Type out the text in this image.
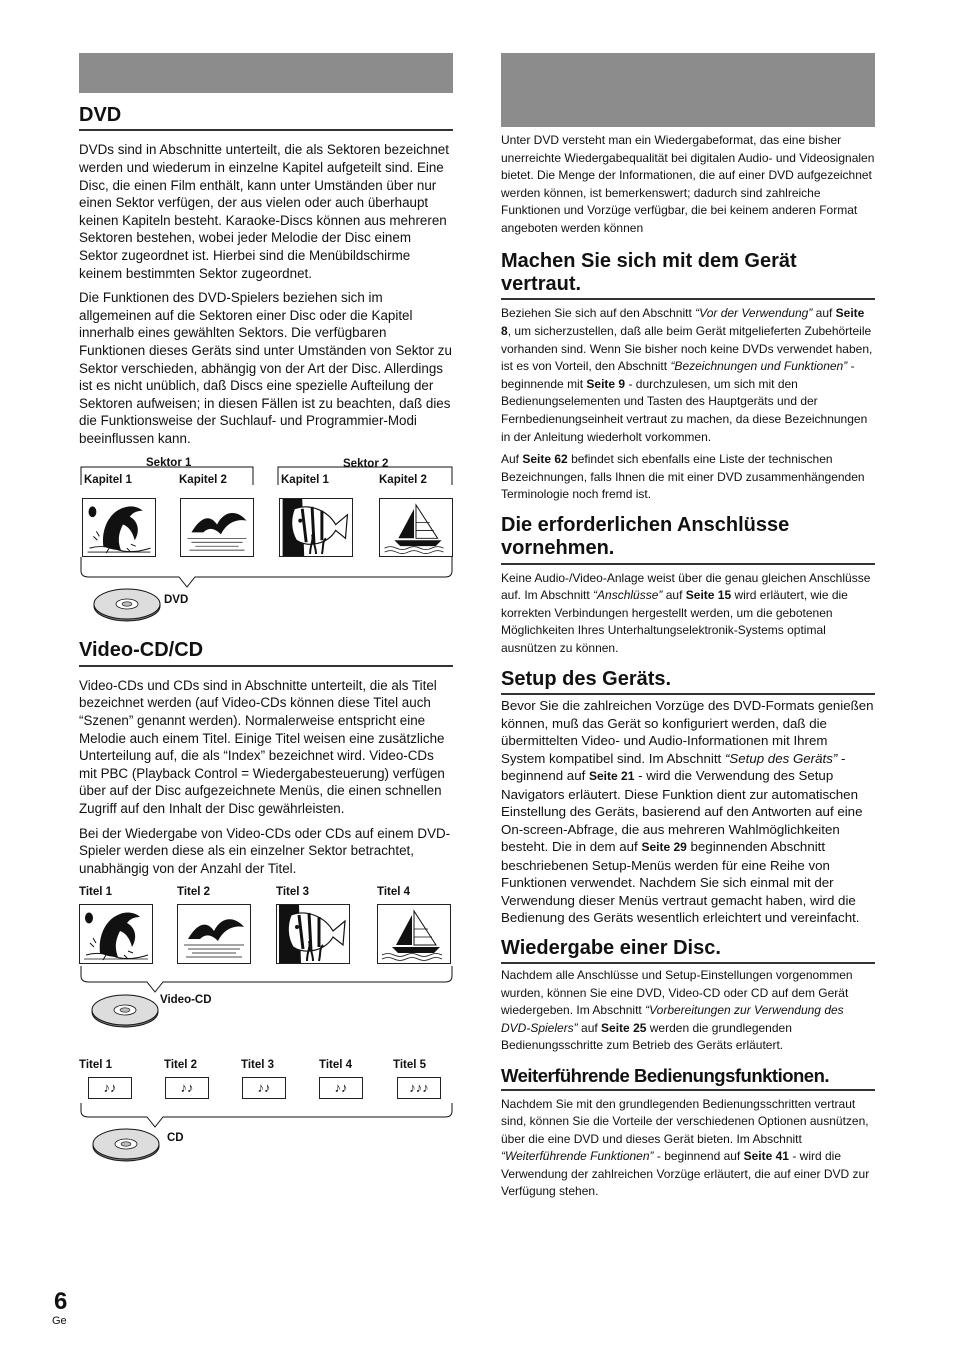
DVD

DVDs sind in Abschnitte unterteilt, die als Sektoren bezeichnet werden und wiederum in einzelne Kapitel aufgeteilt sind. Eine Disc, die einen Film enthält, kann unter Umständen über nur einen Sektor verfügen, der aus vielen oder auch überhaupt keinen Kapiteln besteht. Karaoke-Discs können aus mehreren Sektoren bestehen, wobei jeder Melodie der Disc einem Sektor zugeordnet ist. Hierbei sind die Menübildschirme keinem bestimmten Sektor zugeordnet.

Die Funktionen des DVD-Spielers beziehen sich im allgemeinen auf die Sektoren einer Disc oder die Kapitel innerhalb eines gewählten Sektors. Die verfügbaren Funktionen dieses Geräts sind unter Umständen von Sektor zu Sektor verschieden, abhängig von der Art der Disc. Allerdings ist es nicht unüblich, daß Discs eine spezielle Aufteilung der Sektoren aufweisen; in diesen Fällen ist zu beachten, daß dies die Funktionsweise der Suchlauf- und Programmier-Modi beeinflussen kann.

Sektor 1	Sektor 2
Kapitel 1	Kapitel 2	Kapitel 1	Kapitel 2
DVD
Video-CD/CD

Video-CDs und CDs sind in Abschnitte unterteilt, die als Titel bezeichnet werden (auf Video-CDs können diese Titel auch “Szenen” genannt werden). Normalerweise entspricht eine Melodie auch einem Titel. Einige Titel weisen eine zusätzliche Unterteilung auf, die als “Index” bezeichnet wird. Video-CDs mit PBC (Playback Control = Wiedergabesteuerung) verfügen über auf der Disc aufgezeichnete Menüs, die einen schnellen Zugriff auf den Inhalt der Disc gewährleisten.

Bei der Wiedergabe von Video-CDs oder CDs auf einem DVD-Spieler werden diese als ein einzelner Sektor betrachtet, unabhängig von der Anzahl der Titel.

Titel 1	Titel 2	Titel 3	Titel 4
Video-CD
Titel 1	Titel 2	Titel 3	Titel 4	Titel 5
♪♪	♪♪	♪♪	♪♪	♪♪♪
CD

Unter DVD versteht man ein Wiedergabeformat, das eine bisher unerreichte Wiedergabequalität bei digitalen Audio- und Videosignalen bietet. Die Menge der Informationen, die auf einer DVD aufgezeichnet werden können, ist bemerkenswert; dadurch sind zahlreiche Funktionen und Vorzüge verfügbar, die bei keinem anderen Format angeboten werden können

Machen Sie sich mit dem Gerät vertraut.

Beziehen Sie sich auf den Abschnitt “Vor der Verwendung” auf Seite 8, um sicherzustellen, daß alle beim Gerät mitgelieferten Zubehörteile vorhanden sind. Wenn Sie bisher noch keine DVDs verwendet haben, ist es von Vorteil, den Abschnitt “Bezeichnungen und Funktionen” - beginnende mit Seite 9 - durchzulesen, um sich mit den Bedienungselementen und Tasten des Hauptgeräts und der Fernbedienungseinheit vertraut zu machen, da diese Bezeichnungen in der Anleitung wiederholt vorkommen.

Auf Seite 62 befindet sich ebenfalls eine Liste der technischen Bezeichnungen, falls Ihnen die mit einer DVD zusammenhängenden Terminologie noch fremd ist.

Die erforderlichen Anschlüsse vornehmen.

Keine Audio-/Video-Anlage weist über die genau gleichen Anschlüsse auf. Im Abschnitt “Anschlüsse” auf Seite 15 wird erläutert, wie die korrekten Verbindungen hergestellt werden, um die gebotenen Möglichkeiten Ihres Unterhaltungselektronik-Systems optimal ausnützen zu können.

Setup des Geräts.

Bevor Sie die zahlreichen Vorzüge des DVD-Formats genießen können, muß das Gerät so konfiguriert werden, daß die übermittelten Video- und Audio-Informationen mit Ihrem System kompatibel sind. Im Abschnitt “Setup des Geräts” - beginnend auf Seite 21 - wird die Verwendung des Setup Navigators erläutert. Diese Funktion dient zur automatischen Einstellung des Geräts, basierend auf den Antworten auf eine On-screen-Abfrage, die aus mehreren Wahlmöglichkeiten besteht. Die in dem auf Seite 29 beginnenden Abschnitt beschriebenen Setup-Menüs werden für eine Reihe von Funktionen verwendet. Nachdem Sie sich einmal mit der Verwendung dieser Menüs vertraut gemacht haben, wird die Bedienung des Geräts wesentlich erleichtert und vereinfacht.

Wiedergabe einer Disc.

Nachdem alle Anschlüsse und Setup-Einstellungen vorgenommen wurden, können Sie eine DVD, Video-CD oder CD auf dem Gerät wiedergeben. Im Abschnitt “Vorbereitungen zur Verwendung des DVD-Spielers” auf Seite 25 werden die grundlegenden Bedienungsschritte zum Betrieb des Geräts erläutert.

Weiterführende Bedienungsfunktionen.

Nachdem Sie mit den grundlegenden Bedienungsschritten vertraut sind, können Sie die Vorteile der verschiedenen Optionen ausnützen, über die eine DVD und dieses Gerät bieten. Im Abschnitt “Weiterführende Funktionen” - beginnend auf Seite 41 - wird die Verwendung der zahlreichen Vorzüge erläutert, die auf einer DVD zur Verfügung stehen.

6
Ge
